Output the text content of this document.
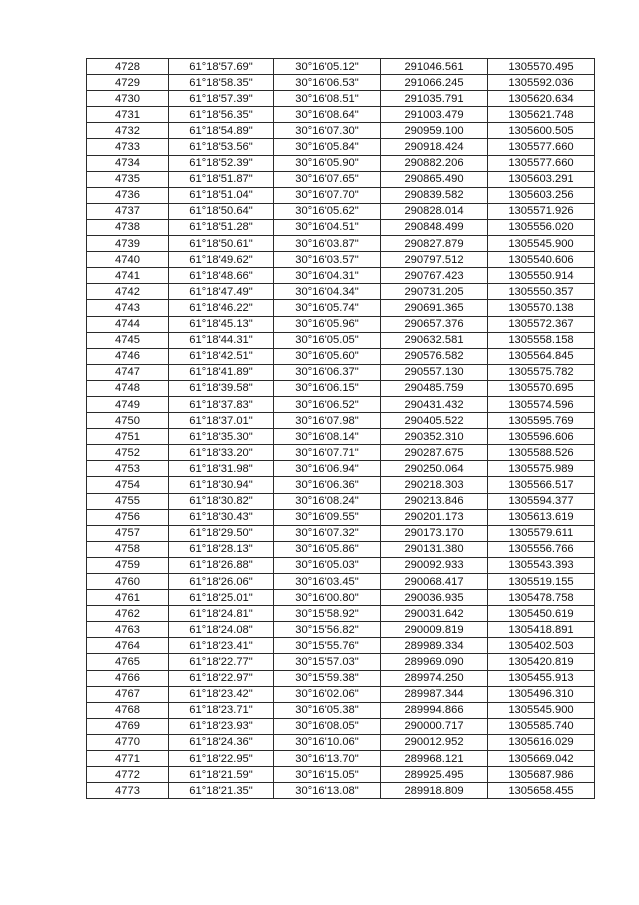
4728	61°18'57.69"	30°16'05.12"	291046.561	1305570.495
4729	61°18'58.35"	30°16'06.53"	291066.245	1305592.036
4730	61°18'57.39"	30°16'08.51"	291035.791	1305620.634
4731	61°18'56.35"	30°16'08.64"	291003.479	1305621.748
4732	61°18'54.89"	30°16'07.30"	290959.100	1305600.505
4733	61°18'53.56"	30°16'05.84"	290918.424	1305577.660
4734	61°18'52.39"	30°16'05.90"	290882.206	1305577.660
4735	61°18'51.87"	30°16'07.65"	290865.490	1305603.291
4736	61°18'51.04"	30°16'07.70"	290839.582	1305603.256
4737	61°18'50.64"	30°16'05.62"	290828.014	1305571.926
4738	61°18'51.28"	30°16'04.51"	290848.499	1305556.020
4739	61°18'50.61"	30°16'03.87"	290827.879	1305545.900
4740	61°18'49.62"	30°16'03.57"	290797.512	1305540.606
4741	61°18'48.66"	30°16'04.31"	290767.423	1305550.914
4742	61°18'47.49"	30°16'04.34"	290731.205	1305550.357
4743	61°18'46.22"	30°16'05.74"	290691.365	1305570.138
4744	61°18'45.13"	30°16'05.96"	290657.376	1305572.367
4745	61°18'44.31"	30°16'05.05"	290632.581	1305558.158
4746	61°18'42.51"	30°16'05.60"	290576.582	1305564.845
4747	61°18'41.89"	30°16'06.37"	290557.130	1305575.782
4748	61°18'39.58"	30°16'06.15"	290485.759	1305570.695
4749	61°18'37.83"	30°16'06.52"	290431.432	1305574.596
4750	61°18'37.01"	30°16'07.98"	290405.522	1305595.769
4751	61°18'35.30"	30°16'08.14"	290352.310	1305596.606
4752	61°18'33.20"	30°16'07.71"	290287.675	1305588.526
4753	61°18'31.98"	30°16'06.94"	290250.064	1305575.989
4754	61°18'30.94"	30°16'06.36"	290218.303	1305566.517
4755	61°18'30.82"	30°16'08.24"	290213.846	1305594.377
4756	61°18'30.43"	30°16'09.55"	290201.173	1305613.619
4757	61°18'29.50"	30°16'07.32"	290173.170	1305579.611
4758	61°18'28.13"	30°16'05.86"	290131.380	1305556.766
4759	61°18'26.88"	30°16'05.03"	290092.933	1305543.393
4760	61°18'26.06"	30°16'03.45"	290068.417	1305519.155
4761	61°18'25.01"	30°16'00.80"	290036.935	1305478.758
4762	61°18'24.81"	30°15'58.92"	290031.642	1305450.619
4763	61°18'24.08"	30°15'56.82"	290009.819	1305418.891
4764	61°18'23.41"	30°15'55.76"	289989.334	1305402.503
4765	61°18'22.77"	30°15'57.03"	289969.090	1305420.819
4766	61°18'22.97"	30°15'59.38"	289974.250	1305455.913
4767	61°18'23.42"	30°16'02.06"	289987.344	1305496.310
4768	61°18'23.71"	30°16'05.38"	289994.866	1305545.900
4769	61°18'23.93"	30°16'08.05"	290000.717	1305585.740
4770	61°18'24.36"	30°16'10.06"	290012.952	1305616.029
4771	61°18'22.95"	30°16'13.70"	289968.121	1305669.042
4772	61°18'21.59"	30°16'15.05"	289925.495	1305687.986
4773	61°18'21.35"	30°16'13.08"	289918.809	1305658.455
